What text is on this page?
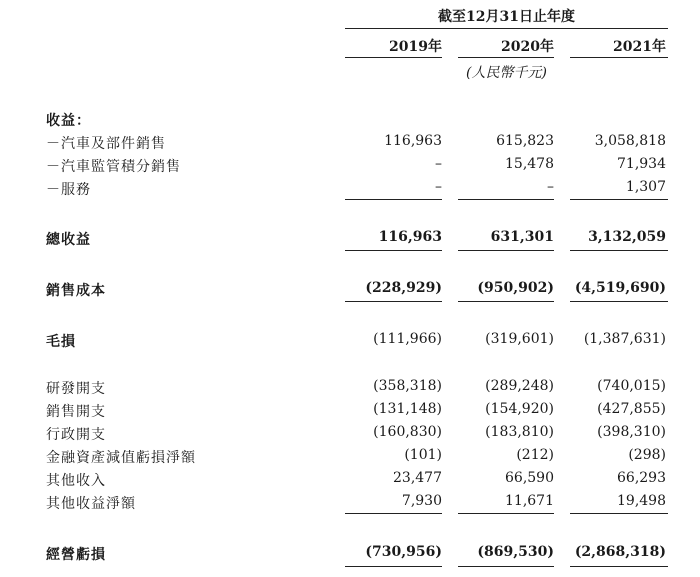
截至12月31日止年度
2019年	2020年	2021年
(人民幣千元)
收益：
－汽車及部件銷售	116,963	615,823	3,058,818
－汽車監管積分銷售	–	15,478	71,934
－服務	–	–	1,307
總收益	116,963	631,301	3,132,059
銷售成本	(228,929)	(950,902)	(4,519,690)
毛損	(111,966)	(319,601)	(1,387,631)
研發開支	(358,318)	(289,248)	(740,015)
銷售開支	(131,148)	(154,920)	(427,855)
行政開支	(160,830)	(183,810)	(398,310)
金融資產減值虧損淨額	(101)	(212)	(298)
其他收入	23,477	66,590	66,293
其他收益淨額	7,930	11,671	19,498
經營虧損	(730,956)	(869,530)	(2,868,318)
